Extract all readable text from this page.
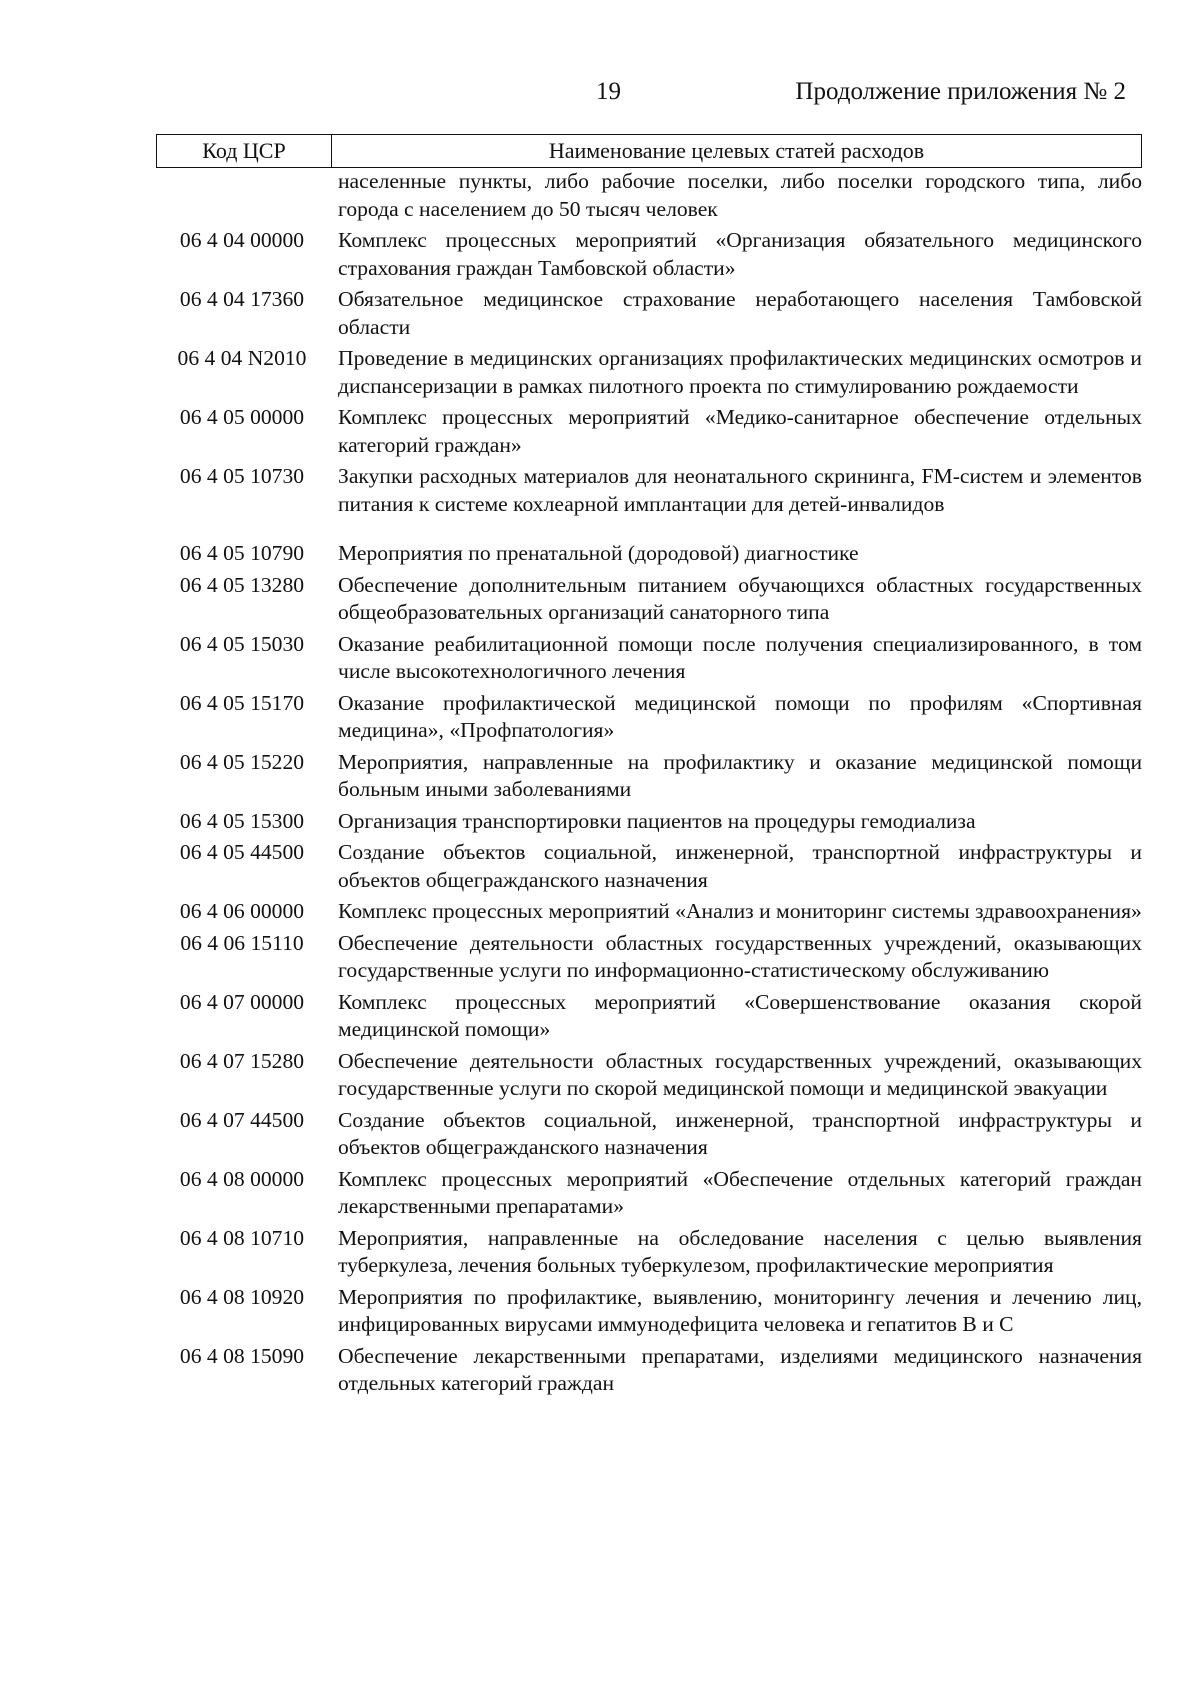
19	Продолжение приложения № 2
Код ЦСР	Наименование целевых статей расходов
населенные пункты, либо рабочие поселки, либо поселки городского типа, либо города с населением до 50 тысяч человек
06 4 04 00000	Комплекс процессных мероприятий «Организация обязательного медицинского страхования граждан Тамбовской области»
06 4 04 17360	Обязательное медицинское страхование неработающего населения Тамбовской области
06 4 04 N2010	Проведение в медицинских организациях профилактических медицинских осмотров и диспансеризации в рамках пилотного проекта по стимулированию рождаемости
06 4 05 00000	Комплекс процессных мероприятий «Медико-санитарное обеспечение отдельных категорий граждан»
06 4 05 10730	Закупки расходных материалов для неонатального скрининга, FM-систем и элементов питания к системе кохлеарной имплантации для детей-инвалидов
06 4 05 10790	Мероприятия по пренатальной (дородовой) диагностике
06 4 05 13280	Обеспечение дополнительным питанием обучающихся областных государственных общеобразовательных организаций санаторного типа
06 4 05 15030	Оказание реабилитационной помощи после получения специализированного, в том числе высокотехнологичного лечения
06 4 05 15170	Оказание профилактической медицинской помощи по профилям «Спортивная медицина», «Профпатология»
06 4 05 15220	Мероприятия, направленные на профилактику и оказание медицинской помощи больным иными заболеваниями
06 4 05 15300	Организация транспортировки пациентов на процедуры гемодиализа
06 4 05 44500	Создание объектов социальной, инженерной, транспортной инфраструктуры и объектов общегражданского назначения
06 4 06 00000	Комплекс процессных мероприятий «Анализ и мониторинг системы здравоохранения»
06 4 06 15110	Обеспечение деятельности областных государственных учреждений, оказывающих государственные услуги по информационно-статистическому обслуживанию
06 4 07 00000	Комплекс процессных мероприятий «Совершенствование оказания скорой медицинской помощи»
06 4 07 15280	Обеспечение деятельности областных государственных учреждений, оказывающих государственные услуги по скорой медицинской помощи и медицинской эвакуации
06 4 07 44500	Создание объектов социальной, инженерной, транспортной инфраструктуры и объектов общегражданского назначения
06 4 08 00000	Комплекс процессных мероприятий «Обеспечение отдельных категорий граждан лекарственными препаратами»
06 4 08 10710	Мероприятия, направленные на обследование населения с целью выявления туберкулеза, лечения больных туберкулезом, профилактические мероприятия
06 4 08 10920	Мероприятия по профилактике, выявлению, мониторингу лечения и лечению лиц, инфицированных вирусами иммунодефицита человека и гепатитов В и С
06 4 08 15090	Обеспечение лекарственными препаратами, изделиями медицинского назначения отдельных категорий граждан
